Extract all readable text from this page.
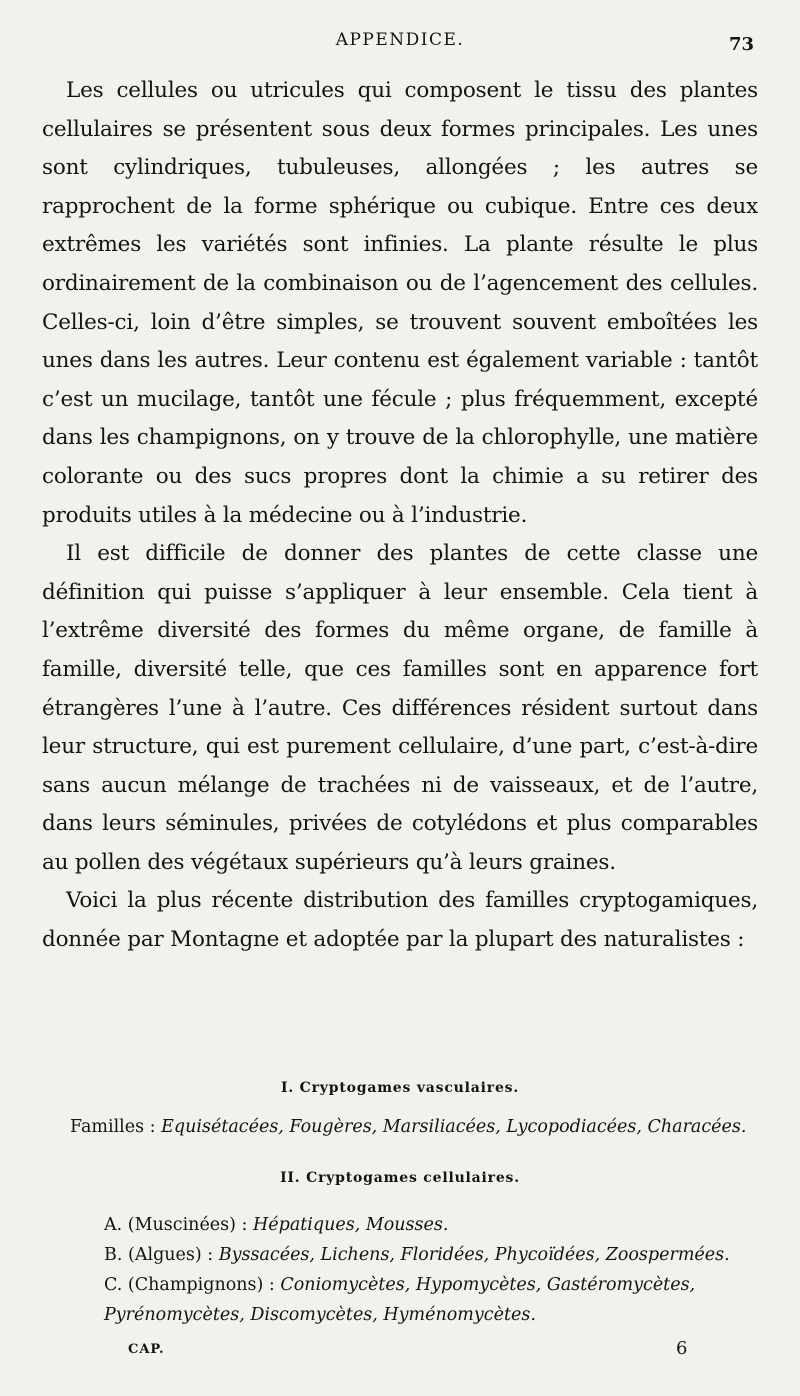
APPENDICE.	73

Les cellules ou utricules qui composent le tissu des plantes cellulaires se présentent sous deux formes principales. Les unes sont cylindriques, tubuleuses, allongées ; les autres se rapprochent de la forme sphérique ou cubique. Entre ces deux extrêmes les variétés sont infinies. La plante résulte le plus ordinairement de la combinaison ou de l’agencement des cellules. Celles-ci, loin d’être simples, se trouvent souvent emboîtées les unes dans les autres. Leur contenu est également variable : tantôt c’est un mucilage, tantôt une fécule ; plus fréquemment, excepté dans les champignons, on y trouve de la chlorophylle, une matière colorante ou des sucs propres dont la chimie a su retirer des produits utiles à la médecine ou à l’industrie.

Il est difficile de donner des plantes de cette classe une définition qui puisse s’appliquer à leur ensemble. Cela tient à l’extrême diversité des formes du même organe, de famille à famille, diversité telle, que ces familles sont en apparence fort étrangères l’une à l’autre. Ces différences résident surtout dans leur structure, qui est purement cellulaire, d’une part, c’est-à-dire sans aucun mélange de trachées ni de vaisseaux, et de l’autre, dans leurs séminules, privées de cotylédons et plus comparables au pollen des végétaux supérieurs qu’à leurs graines.

Voici la plus récente distribution des familles cryptogamiques, donnée par Montagne et adoptée par la plupart des naturalistes :

I. Cryptogames vasculaires.
Familles : Equisétacées, Fougères, Marsiliacées, Lycopodiacées, Characées.
II. Cryptogames cellulaires.
A. (Muscinées) : Hépatiques, Mousses.
B. (Algues) : Byssacées, Lichens, Floridées, Phycoïdées, Zoospermées.
C. (Champignons) : Coniomycètes, Hypomycètes, Gastéromycètes, Pyrénomycètes, Discomycètes, Hyménomycètes.
CAP.	6
